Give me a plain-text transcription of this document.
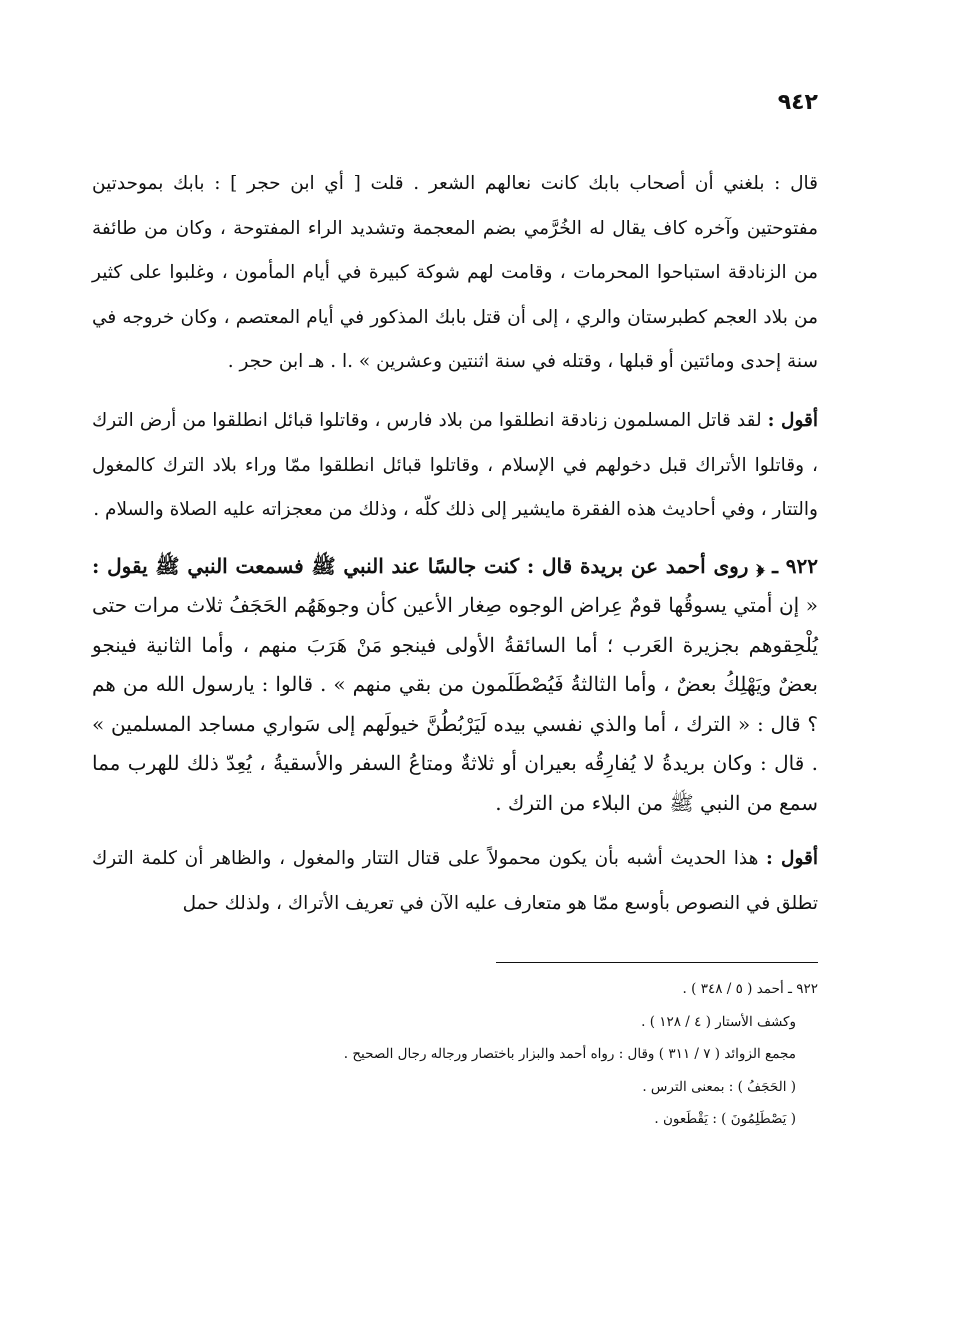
٩٤٢

قال : بلغني أن أصحاب بابك كانت نعالهم الشعر . قلت [ أي ابن حجر ] : بابك بموحدتين مفتوحتين وآخره كاف يقال له الخُرَّمي بضم المعجمة وتشديد الراء المفتوحة ، وكان من طائفة من الزنادقة استباحوا المحرمات ، وقامت لهم شوكة كبيرة في أيام المأمون ، وغلبوا على كثير من بلاد العجم كطبرستان والري ، إلى أن قتل بابك المذكور في أيام المعتصم ، وكان خروجه في سنة إحدى ومائتين أو قبلها ، وقتله في سنة اثنتين وعشرين » .ا . هـ ابن حجر .

أقول : لقد قاتل المسلمون زنادقة انطلقوا من بلاد فارس ، وقاتلوا قبائل انطلقوا من أرض الترك ، وقاتلوا الأتراك قبل دخولهم في الإسلام ، وقاتلوا قبائل انطلقوا ممّا وراء بلاد الترك كالمغول والتتار ، وفي أحاديث هذه الفقرة مايشير إلى ذلك كلّه ، وذلك من معجزاته عليه الصلاة والسلام .

٩٢٢ ـ ﴿ روى أحمد عن بريدة قال : كنت جالسًا عند النبي ﷺ فسمعت النبي ﷺ يقول : « إن أمتي يسوقُها قومٌ عِراض الوجوه صِغار الأعين كأن وجوهَهُم الحَجَفُ ثلاث مرات حتى يُلْحِقوهم بجزيرة العَرب ؛ أما السائقةُ الأولى فينجو مَنْ هَرَبَ منهم ، وأما الثانية فينجو بعضٌ ويَهْلِكُ بعضٌ ، وأما الثالثةُ فَيُصْطَلَمون من بقي منهم » . قالوا : يارسول الله من هم ؟ قال : « الترك ، أما والذي نفسي بيده لَيَرْبُطُنَّ خيولَهم إلى سَواري مساجد المسلمين » . قال : وكان بريدةُ لا يُفارِقُه بعيران أو ثلاثةٌ ومتاعُ السفر والأسقيةُ ، يُعِدّ ذلك للهرب مما سمع من النبي ﷺ من البلاء من الترك .

أقول : هذا الحديث أشبه بأن يكون محمولاً على قتال التتار والمغول ، والظاهر أن كلمة الترك تطلق في النصوص بأوسع ممّا هو متعارف عليه الآن في تعريف الأتراك ، ولذلك حمل

٩٢٢ ـ أحمد ( ٥ / ٣٤٨ ) .
وكشف الأستار ( ٤ / ١٢٨ ) .
مجمع الزوائد ( ٧ / ٣١١ ) وقال : رواه أحمد والبزار باختصار ورجاله رجال الصحيح .
( الحَجَفُ ) : بمعنى الترس .
( يَصْطَلِمُونَ ) : يَقْطَعون .
